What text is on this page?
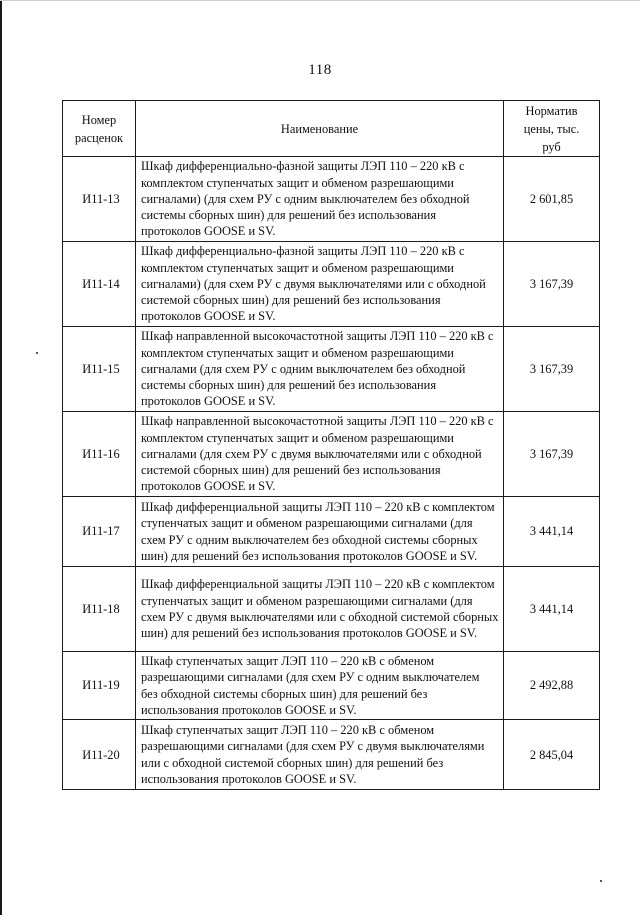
118
Номер расценок	Наименование	Норматив цены, тыс. руб
И11-13	Шкаф дифференциально-фазной защиты ЛЭП 110 – 220 кВ с комплектом ступенчатых защит и обменом разрешающими сигналами) (для схем РУ с одним выключателем без обходной системы сборных шин) для решений без использования протоколов GOOSE и SV.	2 601,85
И11-14	Шкаф дифференциально-фазной защиты ЛЭП 110 – 220 кВ с комплектом ступенчатых защит и обменом разрешающими сигналами) (для схем РУ с двумя выключателями или с обходной системой сборных шин) для решений без использования протоколов GOOSE и SV.	3 167,39
И11-15	Шкаф направленной высокочастотной защиты ЛЭП 110 – 220 кВ с комплектом ступенчатых защит и обменом разрешающими сигналами (для схем РУ с одним выключателем без обходной системы сборных шин) для решений без использования протоколов GOOSE и SV.	3 167,39
И11-16	Шкаф направленной высокочастотной защиты ЛЭП 110 – 220 кВ с комплектом ступенчатых защит и обменом разрешающими сигналами (для схем РУ с двумя выключателями или с обходной системой сборных шин) для решений без использования протоколов GOOSE и SV.	3 167,39
И11-17	Шкаф дифференциальной защиты ЛЭП 110 – 220 кВ с комплектом ступенчатых защит и обменом разрешающими сигналами (для схем РУ с одним выключателем без обходной системы сборных шин) для решений без использования протоколов GOOSE и SV.	3 441,14
И11-18	Шкаф дифференциальной защиты ЛЭП 110 – 220 кВ с комплектом ступенчатых защит и обменом разрешающими сигналами (для схем РУ с двумя выключателями или с обходной системой сборных шин) для решений без использования протоколов GOOSE и SV.	3 441,14
И11-19	Шкаф ступенчатых защит ЛЭП 110 – 220 кВ с обменом разрешающими сигналами (для схем РУ с одним выключателем без обходной системы сборных шин) для решений без использования протоколов GOOSE и SV.	2 492,88
И11-20	Шкаф ступенчатых защит ЛЭП 110 – 220 кВ с обменом разрешающими сигналами (для схем РУ с двумя выключателями или с обходной системой сборных шин) для решений без использования протоколов GOOSE и SV.	2 845,04
